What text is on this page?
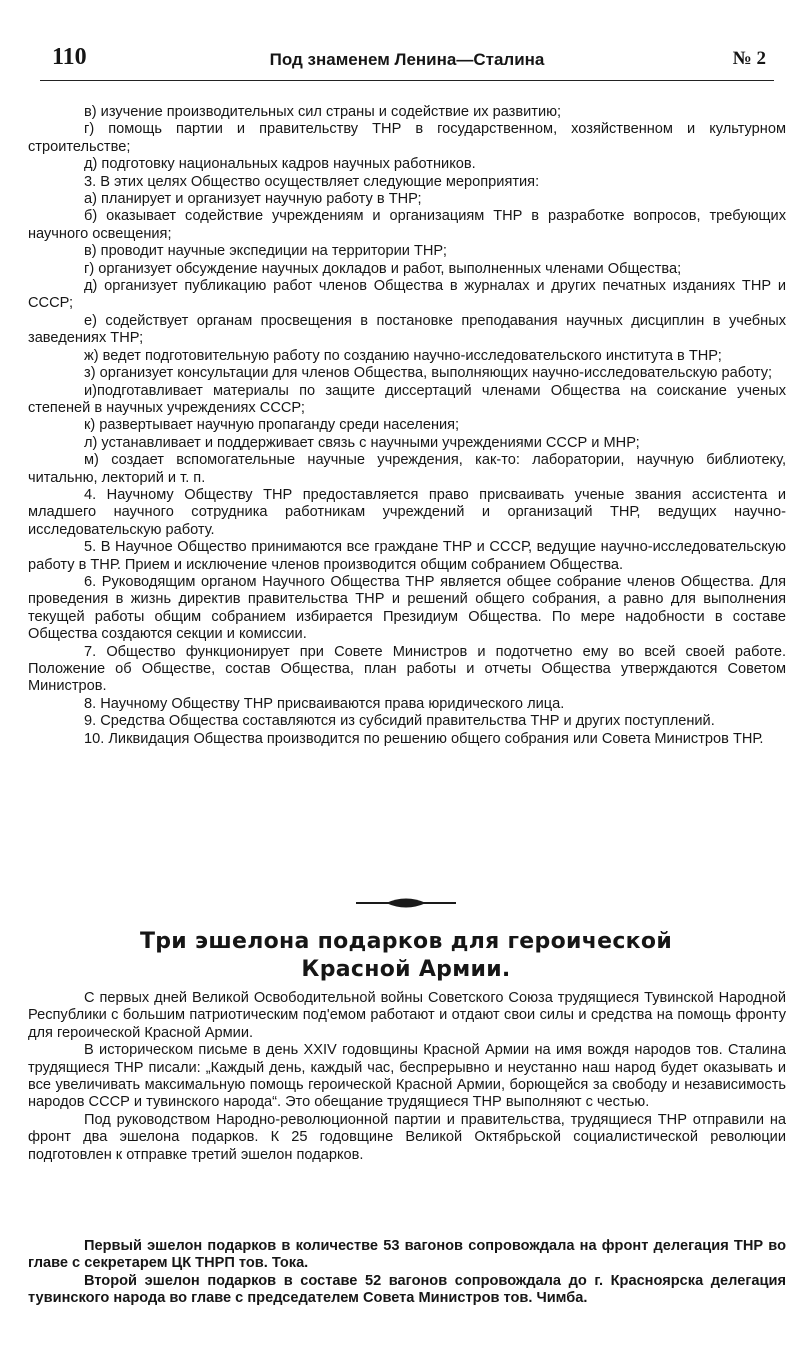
110	Под знаменем Ленина—Сталина	№ 2

в) изучение производительных сил страны и содействие их развитию;

г) помощь партии и правительству ТНР в государственном, хозяйственном и культурном строительстве;

д) подготовку национальных кадров научных работников.

3. В этих целях Общество осуществляет следующие мероприятия:

а) планирует и организует научную работу в ТНР;

б) оказывает содействие учреждениям и организациям ТНР в разработке вопросов, требующих научного освещения;

в) проводит научные экспедиции на территории ТНР;

г) организует обсуждение научных докладов и работ, выполненных членами Общества;

д) организует публикацию работ членов Общества в журналах и других печатных изданиях ТНР и СССР;

е) содействует органам просвещения в постановке преподавания научных дисциплин в учебных заведениях ТНР;

ж) ведет подготовительную работу по созданию научно-исследовательского института в ТНР;

з) организует консультации для членов Общества, выполняющих научно-исследовательскую работу;

и)подготавливает материалы по защите диссертаций членами Общества на соискание ученых степеней в научных учреждениях СССР;

к) развертывает научную пропаганду среди населения;

л) устанавливает и поддерживает связь с научными учреждениями СССР и МНР;

м) создает вспомогательные научные учреждения, как-то: лаборатории, научную библиотеку, читальню, лекторий и т. п.

4. Научному Обществу ТНР предоставляется право присваивать ученые звания ассистента и младшего научного сотрудника работникам учреждений и организаций ТНР, ведущих научно-исследовательскую работу.

5. В Научное Общество принимаются все граждане ТНР и СССР, ведущие научно-исследовательскую работу в ТНР. Прием и исключение членов производится общим собранием Общества.

6. Руководящим органом Научного Общества ТНР является общее собрание членов Общества. Для проведения в жизнь директив правительства ТНР и решений общего собрания, а равно для выполнения текущей работы общим собранием избирается Президиум Общества. По мере надобности в составе Общества создаются секции и комиссии.

7. Общество функционирует при Совете Министров и подотчетно ему во всей своей работе. Положение об Обществе, состав Общества, план работы и отчеты Общества утверждаются Советом Министров.

8. Научному Обществу ТНР присваиваются права юридического лица.

9. Средства Общества составляются из субсидий правительства ТНР и других поступлений.

10. Ликвидация Общества производится по решению общего собрания или Совета Министров ТНР.

Три эшелона подарков для героической
Красной Армии.

С первых дней Великой Освободительной войны Советского Союза трудящиеся Тувинской Народной Республики с большим патриотическим под'емом работают и отдают свои силы и средства на помощь фронту для героической Красной Армии.

В историческом письме в день XXIV годовщины Красной Армии на имя вождя народов тов. Сталина трудящиеся ТНР писали: „Каждый день, каждый час, беспрерывно и неустанно наш народ будет оказывать и все увеличивать максимальную помощь героической Красной Армии, борющейся за свободу и независимость народов СССР и тувинского народа“. Это обещание трудящиеся ТНР выполняют с честью.

Под руководством Народно-революционной партии и правительства, трудящиеся ТНР отправили на фронт два эшелона подарков. К 25 годовщине Великой Октябрьской социалистической революции подготовлен к отправке третий эшелон подарков.

Первый эшелон подарков в количестве 53 вагонов сопровождала на фронт делегация ТНР во главе с секретарем ЦК ТНРП тов. Тока.

Второй эшелон подарков в составе 52 вагонов сопровождала до г. Красноярска делегация тувинского народа во главе с председателем Совета Министров тов. Чимба.
